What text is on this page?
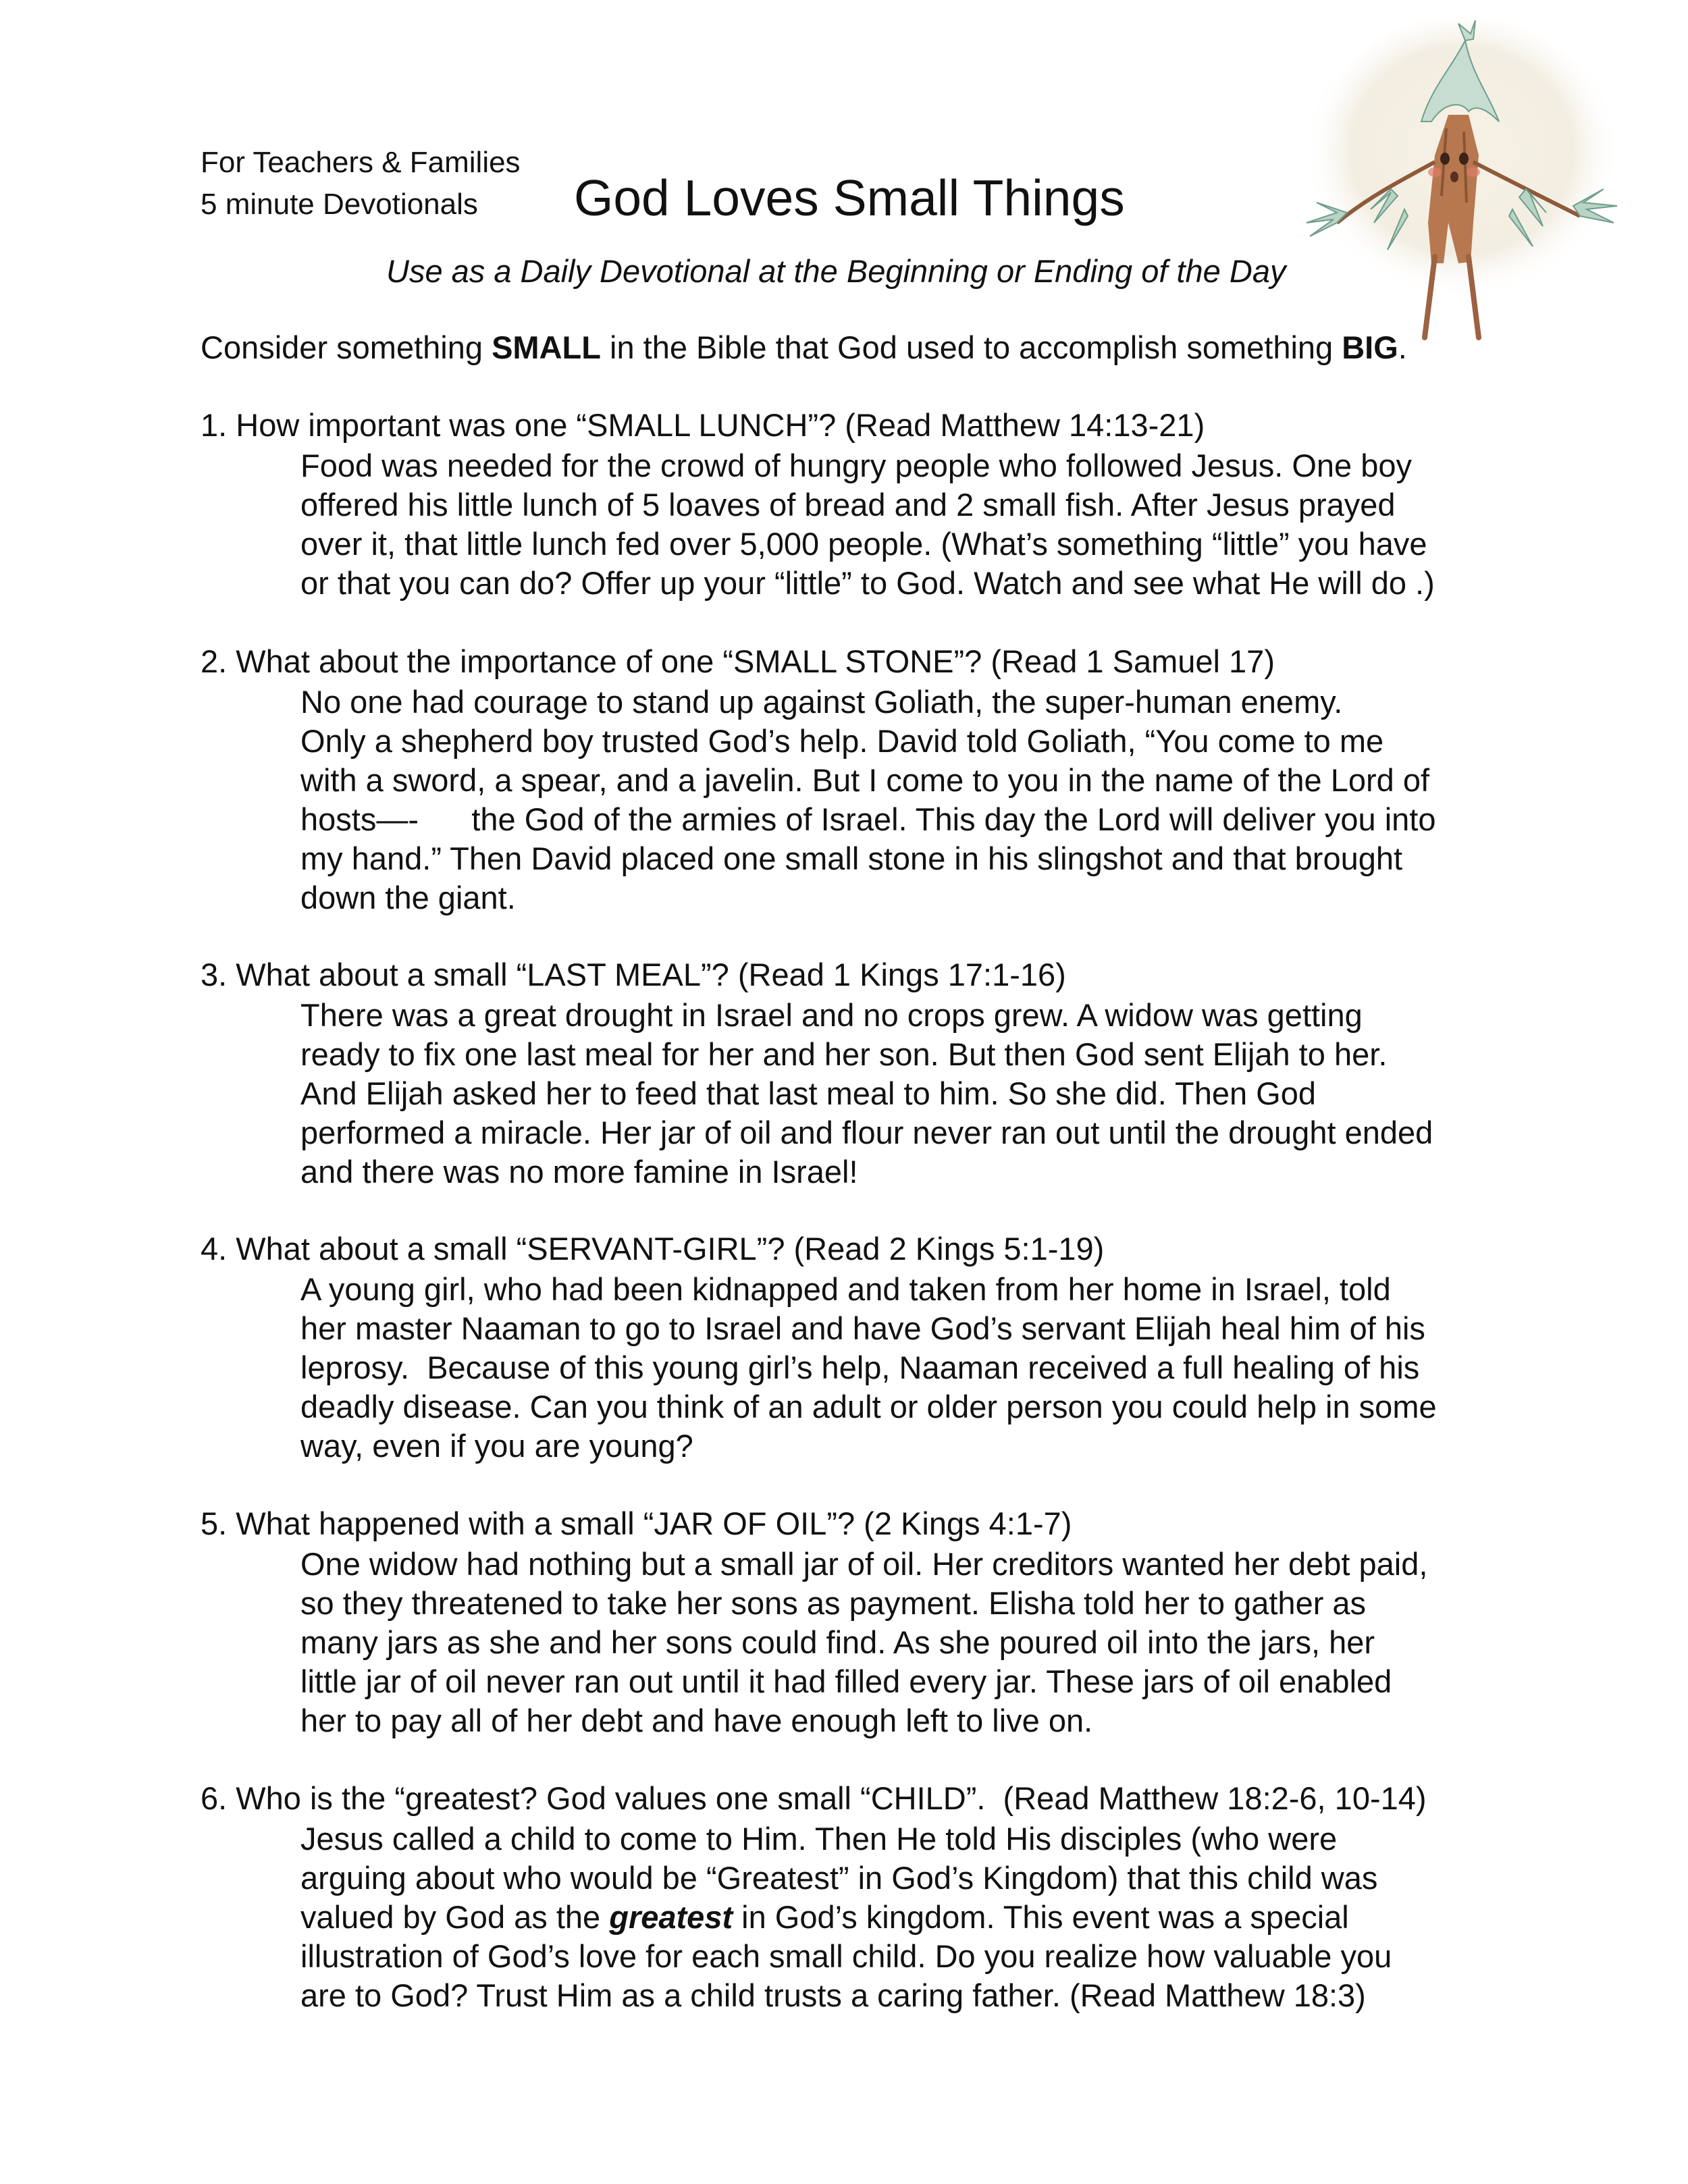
For Teachers & Families
5 minute Devotionals God Loves Small Things
Use as a Daily Devotional at the Beginning or Ending of the Day
Consider something SMALL in the Bible that God used to accomplish something BIG.
1. How important was one “SMALL LUNCH”? (Read Matthew 14:13-21)
Food was needed for the crowd of hungry people who followed Jesus. One boy
offered his little lunch of 5 loaves of bread and 2 small fish. After Jesus prayed
over it, that little lunch fed over 5,000 people. (What’s something “little” you have
or that you can do? Offer up your “little” to God. Watch and see what He will do .)
2. What about the importance of one “SMALL STONE”? (Read 1 Samuel 17)
No one had courage to stand up against Goliath, the super-human enemy.
Only a shepherd boy trusted God’s help. David told Goliath, “You come to me
with a sword, a spear, and a javelin. But I come to you in the name of the Lord of
hosts—-      the God of the armies of Israel. This day the Lord will deliver you into
my hand.” Then David placed one small stone in his slingshot and that brought
down the giant.
3. What about a small “LAST MEAL”? (Read 1 Kings 17:1-16)
There was a great drought in Israel and no crops grew. A widow was getting
ready to fix one last meal for her and her son. But then God sent Elijah to her.
And Elijah asked her to feed that last meal to him. So she did. Then God
performed a miracle. Her jar of oil and flour never ran out until the drought ended
and there was no more famine in Israel!
4. What about a small “SERVANT-GIRL”? (Read 2 Kings 5:1-19)
A young girl, who had been kidnapped and taken from her home in Israel, told
her master Naaman to go to Israel and have God’s servant Elijah heal him of his
leprosy.  Because of this young girl’s help, Naaman received a full healing of his
deadly disease. Can you think of an adult or older person you could help in some
way, even if you are young?
5. What happened with a small “JAR OF OIL”? (2 Kings 4:1-7)
One widow had nothing but a small jar of oil. Her creditors wanted her debt paid,
so they threatened to take her sons as payment. Elisha told her to gather as
many jars as she and her sons could find. As she poured oil into the jars, her
little jar of oil never ran out until it had filled every jar. These jars of oil enabled
her to pay all of her debt and have enough left to live on.
6. Who is the “greatest? God values one small “CHILD”.  (Read Matthew 18:2-6, 10-14)
Jesus called a child to come to Him. Then He told His disciples (who were
arguing about who would be “Greatest” in God’s Kingdom) that this child was
valued by God as the greatest in God’s kingdom. This event was a special
illustration of God’s love for each small child. Do you realize how valuable you
are to God? Trust Him as a child trusts a caring father. (Read Matthew 18:3)
